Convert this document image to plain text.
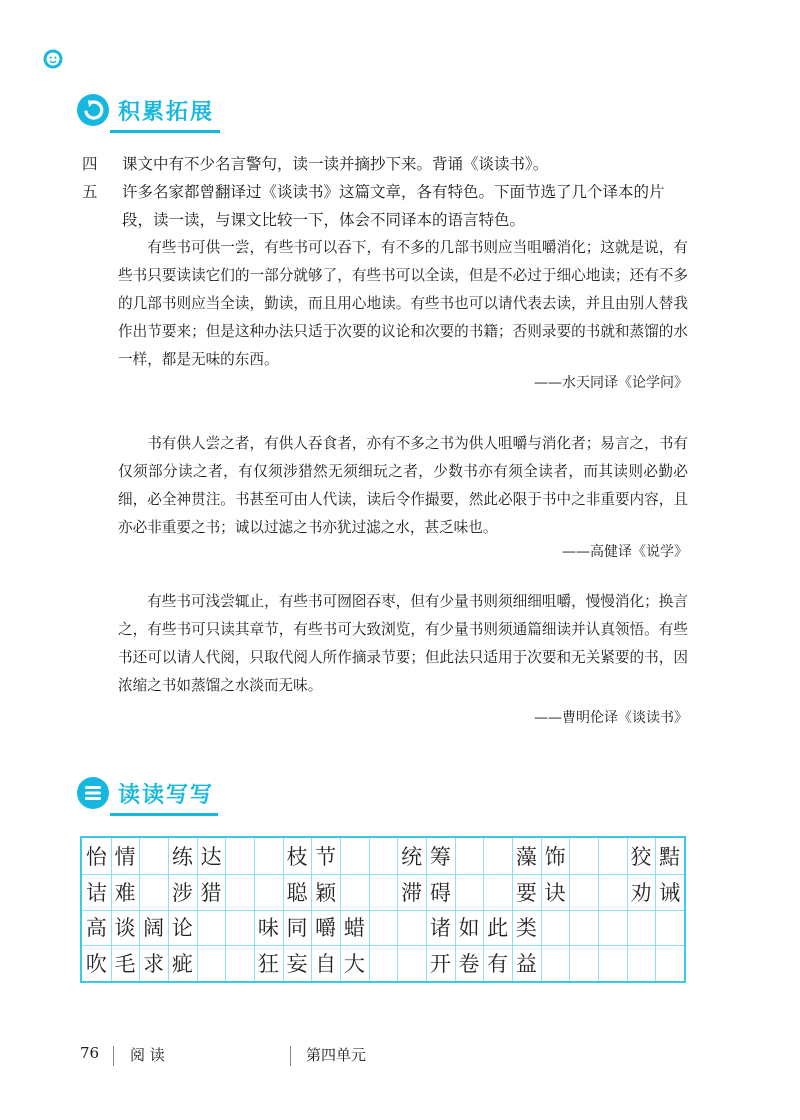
积累拓展
四 课文中有不少名言警句，读一读并摘抄下来。背诵《谈读书》。
五 许多名家都曾翻译过《谈读书》这篇文章，各有特色。下面节选了几个译本的片段，读一读，与课文比较一下，体会不同译本的语言特色。

有些书可供一尝，有些书可以吞下，有不多的几部书则应当咀嚼消化；这就是说，有些书只要读读它们的一部分就够了，有些书可以全读，但是不必过于细心地读；还有不多的几部书则应当全读，勤读，而且用心地读。有些书也可以请代表去读，并且由别人替我作出节要来；但是这种办法只适于次要的议论和次要的书籍；否则录要的书就和蒸馏的水一样，都是无味的东西。

——水天同译《论学问》

书有供人尝之者，有供人吞食者，亦有不多之书为供人咀嚼与消化者；易言之，书有仅须部分读之者，有仅须涉猎然无须细玩之者，少数书亦有须全读者，而其读则必勤必细，必全神贯注。书甚至可由人代读，读后令作撮要，然此必限于书中之非重要内容，且亦必非重要之书；诚以过滤之书亦犹过滤之水，甚乏味也。

——高健译《说学》

有些书可浅尝辄止，有些书可囫囵吞枣，但有少量书则须细细咀嚼，慢慢消化；换言之，有些书可只读其章节，有些书可大致浏览，有少量书则须通篇细读并认真领悟。有些书还可以请人代阅，只取代阅人所作摘录节要；但此法只适用于次要和无关紧要的书，因浓缩之书如蒸馏之水淡而无味。

——曹明伦译《谈读书》
读读写写
怡 情 练 达	枝 节	统 筹	藻 饰	狡 黠
诘 难 涉 猎	聪 颖	滞 碍	要 诀	劝 诫
高 谈 阔 论	味 同 嚼 蜡	诸 如 此 类
吹 毛 求 疵	狂 妄 自 大	开 卷 有 益
76 阅 读	第四单元
